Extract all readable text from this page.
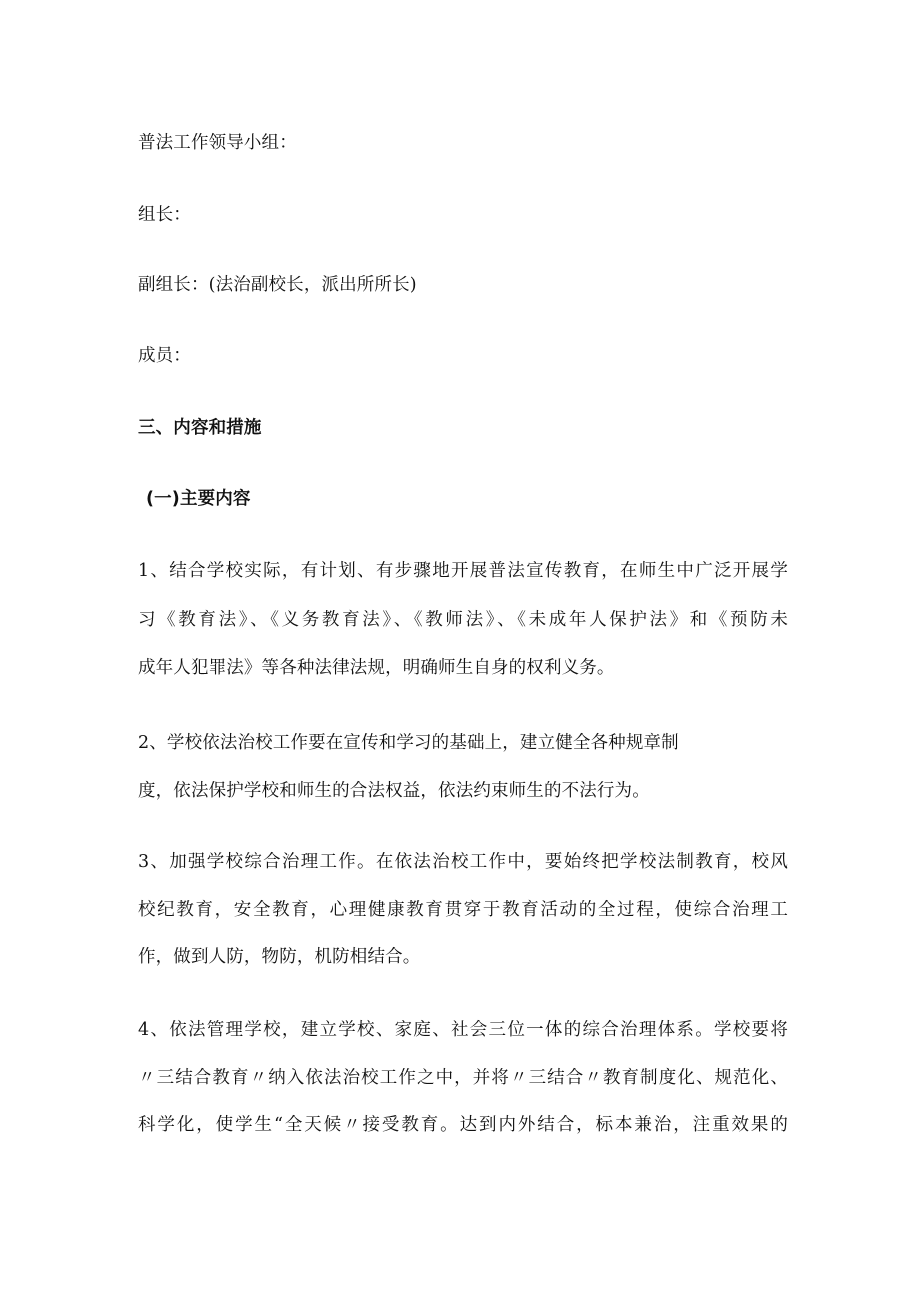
普法工作领导小组：
组长：
副组长：(法治副校长，派出所所长)
成员：
三、内容和措施
(一)主要内容
1、结合学校实际，有计划、有步骤地开展普法宣传教育，在师生中广泛开展学
习《教育法》、《义务教育法》、《教师法》、《未成年人保护法》和《预防未
成年人犯罪法》等各种法律法规，明确师生自身的权利义务。
2、学校依法治校工作要在宣传和学习的基础上，建立健全各种规章制
度，依法保护学校和师生的合法权益，依法约束师生的不法行为。
3、加强学校综合治理工作。在依法治校工作中，要始终把学校法制教育，校风
校纪教育，安全教育，心理健康教育贯穿于教育活动的全过程，使综合治理工
作，做到人防，物防，机防相结合。
4、依法管理学校，建立学校、家庭、社会三位一体的综合治理体系。学校要将
〃三结合教育〃纳入依法治校工作之中，并将〃三结合〃教育制度化、规范化、
科学化，使学生“全天候〃接受教育。达到内外结合，标本兼治，注重效果的
